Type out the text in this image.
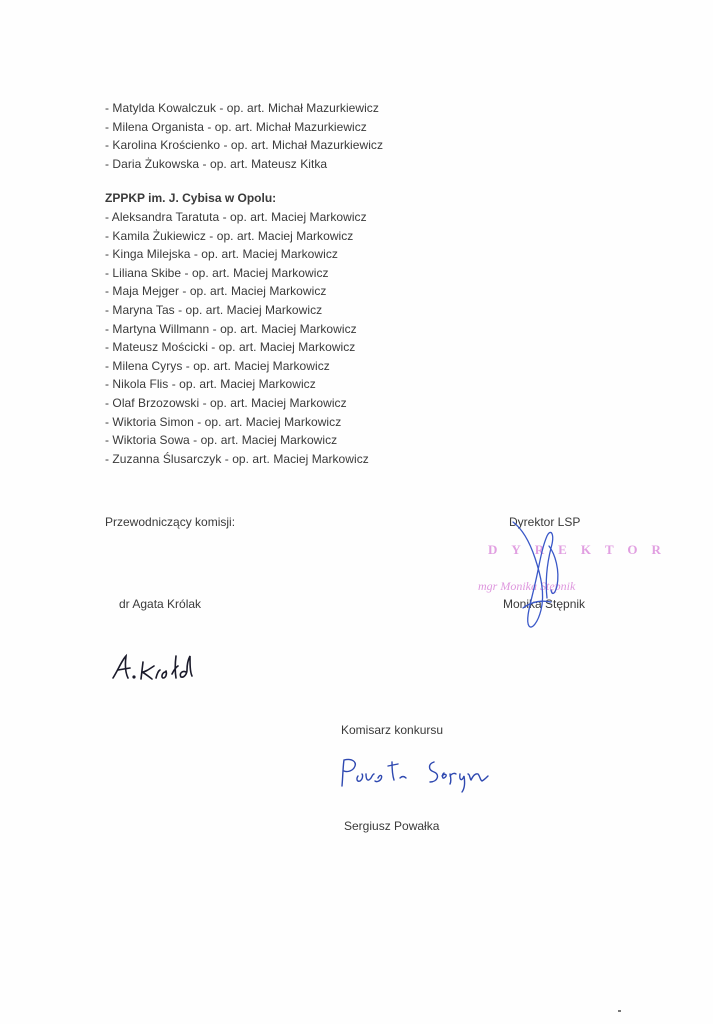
- Matylda Kowalczuk - op. art. Michał Mazurkiewicz
- Milena Organista - op. art. Michał Mazurkiewicz
- Karolina Krościenko - op. art. Michał Mazurkiewicz
- Daria Żukowska - op. art. Mateusz Kitka
ZPPKP im. J. Cybisa w Opolu:
- Aleksandra Taratuta - op. art. Maciej Markowicz
- Kamila Żukiewicz - op. art. Maciej Markowicz
- Kinga Milejska - op. art. Maciej Markowicz
- Liliana Skibe - op. art. Maciej Markowicz
- Maja Mejger - op. art. Maciej Markowicz
- Maryna Tas - op. art. Maciej Markowicz
- Martyna Willmann - op. art. Maciej Markowicz
- Mateusz Mościcki - op. art. Maciej Markowicz
- Milena Cyrys - op. art. Maciej Markowicz
- Nikola Flis - op. art. Maciej Markowicz
- Olaf Brzozowski - op. art. Maciej Markowicz
- Wiktoria Simon - op. art. Maciej Markowicz
- Wiktoria Sowa - op. art. Maciej Markowicz
- Zuzanna Ślusarczyk - op. art. Maciej Markowicz
Przewodniczący komisji:
dr Agata Królak
Dyrektor LSP
DYREKTOR
mgr Monika Stępnik
Monika Stępnik
Komisarz konkursu
Sergiusz Powałka
